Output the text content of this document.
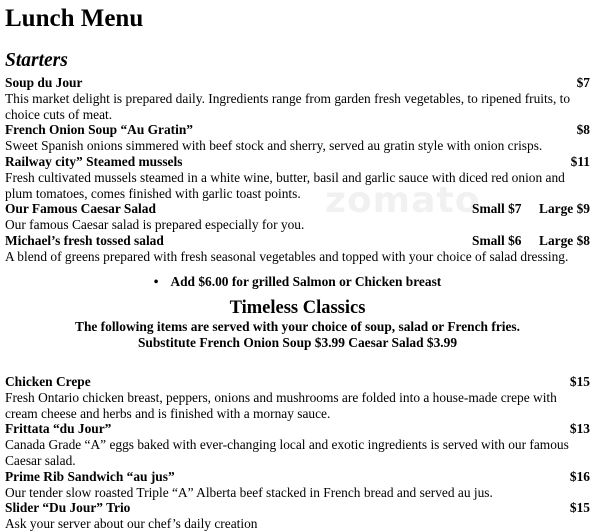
zomato
Lunch Menu
Starters
Soup du Jour	$7
This market delight is prepared daily. Ingredients range from garden fresh vegetables, to ripened fruits, to choice cuts of meat.
French Onion Soup “Au Gratin”	$8
Sweet Spanish onions simmered with beef stock and sherry, served au gratin style with onion crisps.
Railway city” Steamed mussels	$11
Fresh cultivated mussels steamed in a white wine, butter, basil and garlic sauce with diced red onion and plum tomatoes, comes finished with garlic toast points.
Our Famous Caesar Salad	Small $7	Large $9
Our famous Caesar salad is prepared especially for you.
Michael’s fresh tossed salad	Small $6	Large $8
A blend of greens prepared with fresh seasonal vegetables and topped with your choice of salad dressing.
• Add $6.00 for grilled Salmon or Chicken breast
Timeless Classics
The following items are served with your choice of soup, salad or French fries.
Substitute French Onion Soup $3.99 Caesar Salad $3.99
Chicken Crepe	$15
Fresh Ontario chicken breast, peppers, onions and mushrooms are folded into a house-made crepe with      cream cheese and herbs and is finished with a mornay sauce.
Frittata “du Jour”	$13
Canada Grade “A” eggs baked with ever-changing local and exotic ingredients is served with our famous Caesar salad.
Prime Rib Sandwich “au jus”	$16
Our tender slow roasted Triple “A” Alberta beef stacked in French bread and served au jus.
Slider “Du Jour” Trio	$15
Ask your server about our chef’s daily creation
